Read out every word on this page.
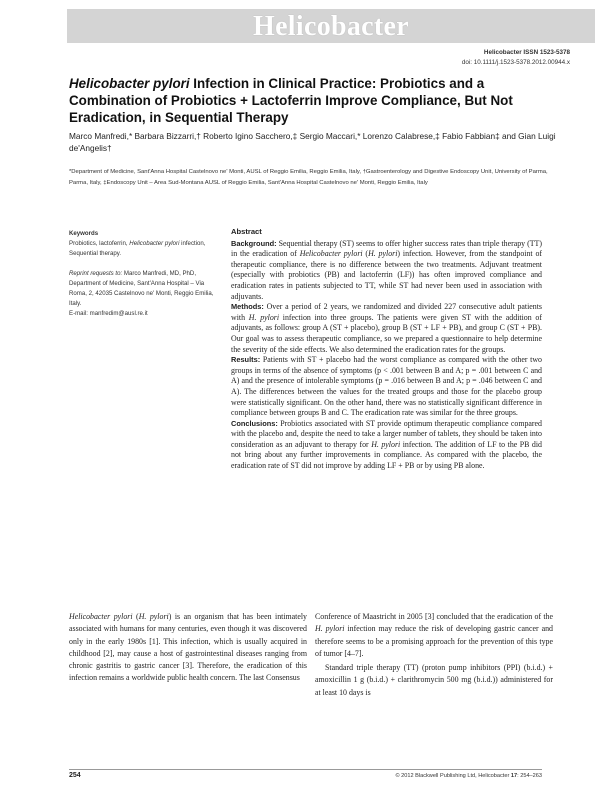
Helicobacter
Helicobacter ISSN 1523-5378
doi: 10.1111/j.1523-5378.2012.00944.x
Helicobacter pylori Infection in Clinical Practice: Probiotics and a Combination of Probiotics + Lactoferrin Improve Compliance, But Not Eradication, in Sequential Therapy
Marco Manfredi,* Barbara Bizzarri,† Roberto Igino Sacchero,‡ Sergio Maccari,* Lorenzo Calabrese,‡ Fabio Fabbian‡ and Gian Luigi de'Angelis†
*Department of Medicine, Sant'Anna Hospital Castelnovo ne' Monti, AUSL of Reggio Emilia, Reggio Emilia, Italy, †Gastroenterology and Digestive Endoscopy Unit, University of Parma, Parma, Italy, ‡Endoscopy Unit – Area Sud-Montana AUSL of Reggio Emilia, Sant'Anna Hospital Castelnovo ne' Monti, Reggio Emilia, Italy
Keywords
Probiotics, lactoferrin, Helicobacter pylori infection, Sequential therapy.
Reprint requests to: Marco Manfredi, MD, PhD, Department of Medicine, Sant'Anna Hospital – Via Roma, 2, 42035 Castelnovo ne' Monti, Reggio Emilia, Italy.
E-mail: manfredim@ausl.re.it
Abstract

Background: Sequential therapy (ST) seems to offer higher success rates than triple therapy (TT) in the eradication of Helicobacter pylori (H. pylori) infection. However, from the standpoint of therapeutic compliance, there is no difference between the two treatments. Adjuvant treatment (especially with probiotics (PB) and lactoferrin (LF)) has often improved compliance and eradication rates in patients subjected to TT, while ST had never been used in association with adjuvants.

Methods: Over a period of 2 years, we randomized and divided 227 consecutive adult patients with H. pylori infection into three groups. The patients were given ST with the addition of adjuvants, as follows: group A (ST + placebo), group B (ST + LF + PB), and group C (ST + PB). Our goal was to assess therapeutic compliance, so we prepared a questionnaire to help determine the severity of the side effects. We also determined the eradication rates for the groups.

Results: Patients with ST + placebo had the worst compliance as compared with the other two groups in terms of the absence of symptoms (p < .001 between B and A; p = .001 between C and A) and the presence of intolerable symptoms (p = .016 between B and A; p = .046 between C and A). The differences between the values for the treated groups and those for the placebo group were statistically significant. On the other hand, there was no statistically significant difference in compliance between groups B and C. The eradication rate was similar for the three groups.

Conclusions: Probiotics associated with ST provide optimum therapeutic compliance compared with the placebo and, despite the need to take a larger number of tablets, they should be taken into consideration as an adjuvant to therapy for H. pylori infection. The addition of LF to the PB did not bring about any further improvements in compliance. As compared with the placebo, the eradication rate of ST did not improve by adding LF + PB or by using PB alone.

Helicobacter pylori (H. pylori) is an organism that has been intimately associated with humans for many centuries, even though it was discovered only in the early 1980s [1]. This infection, which is usually acquired in childhood [2], may cause a host of gastrointestinal diseases ranging from chronic gastritis to gastric cancer [3]. Therefore, the eradication of this infection remains a worldwide public health concern. The last Consensus

Conference of Maastricht in 2005 [3] concluded that the eradication of the H. pylori infection may reduce the risk of developing gastric cancer and therefore seems to be a promising approach for the prevention of this type of tumor [4–7].

Standard triple therapy (TT) (proton pump inhibitors (PPI) (b.i.d.) + amoxicillin 1 g (b.i.d.) + clarithromycin 500 mg (b.i.d.)) administered for at least 10 days is

254	© 2012 Blackwell Publishing Ltd, Helicobacter 17: 254–263
